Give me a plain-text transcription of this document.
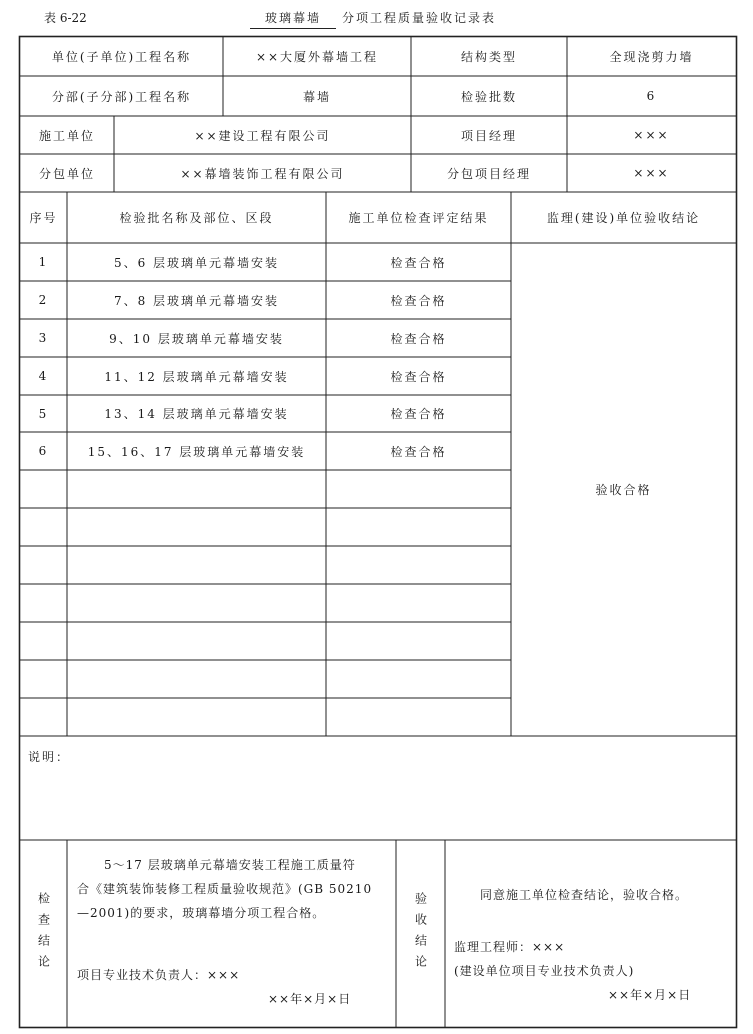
表 6-22	玻璃幕墙	分项工程质量验收记录表
单位(子单位)工程名称	××大厦外幕墙工程	结构类型	全现浇剪力墙
分部(子分部)工程名称	幕墙	检验批数	6
施工单位	××建设工程有限公司	项目经理	×××
分包单位	××幕墙装饰工程有限公司	分包项目经理	×××
序号	检验批名称及部位、区段	施工单位检查评定结果	监理(建设)单位验收结论
1	5、6 层玻璃单元幕墙安装	检查合格
2	7、8 层玻璃单元幕墙安装	检查合格
3	9、10 层玻璃单元幕墙安装	检查合格
4	11、12 层玻璃单元幕墙安装	检查合格
5	13、14 层玻璃单元幕墙安装	检查合格
6	15、16、17 层玻璃单元幕墙安装	检查合格
验收合格
说明：
检查结论
5～17 层玻璃单元幕墙安装工程施工质量符
合《建筑装饰装修工程质量验收规范》(GB 50210
—2001)的要求，玻璃幕墙分项工程合格。
项目专业技术负责人：×××
××年×月×日
验收结论	同意施工单位检查结论，验收合格。
监理工程师：×××
(建设单位项目专业技术负责人)
××年×月×日
